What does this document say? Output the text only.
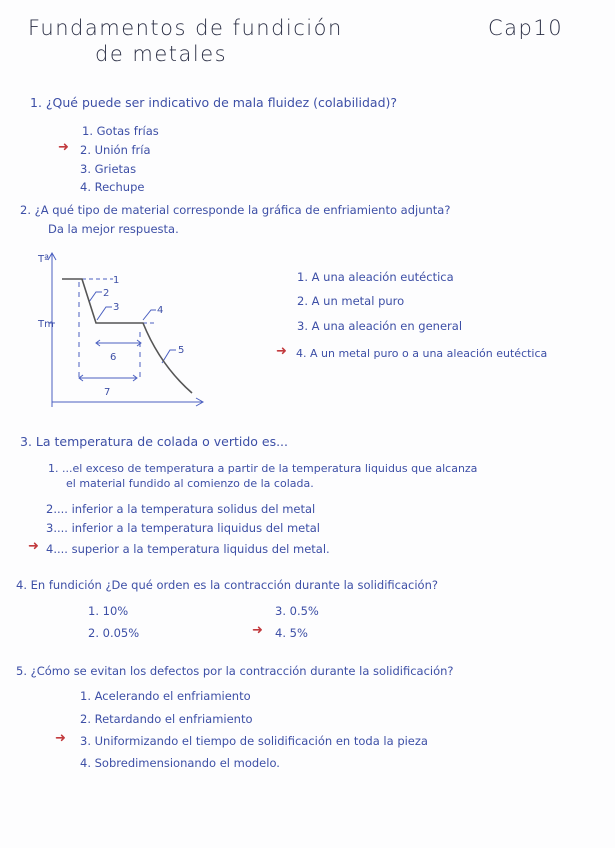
Fundamentos de fundición
de metales
Cap10
1. ¿Qué puede ser indicativo de mala fluidez (colabilidad)?
1. Gotas frías
➜ 2. Unión fría
3. Grietas
4. Rechupe
2. ¿A qué tipo de material corresponde la gráfica de enfriamiento adjunta?
Da la mejor respuesta.
Tª
Tm
1
2
3	4
5
6
7
1. A una aleación eutéctica
2. A un metal puro
3. A una aleación en general
➜ 4. A un metal puro o a una aleación eutéctica
3. La temperatura de colada o vertido es...
1. ...el exceso de temperatura a partir de la temperatura liquidus que alcanza
el material fundido al comienzo de la colada.
2.... inferior a la temperatura solidus del metal
3.... inferior a la temperatura liquidus del metal
➜ 4.... superior a la temperatura liquidus del metal.
4. En fundición ¿De qué orden es la contracción durante la solidificación?
1. 10%
2. 0.05%
3. 0.5%
➜ 4. 5%
5. ¿Cómo se evitan los defectos por la contracción durante la solidificación?
1. Acelerando el enfriamiento
2. Retardando el enfriamiento
➜ 3. Uniformizando el tiempo de solidificación en toda la pieza
4. Sobredimensionando el modelo.
